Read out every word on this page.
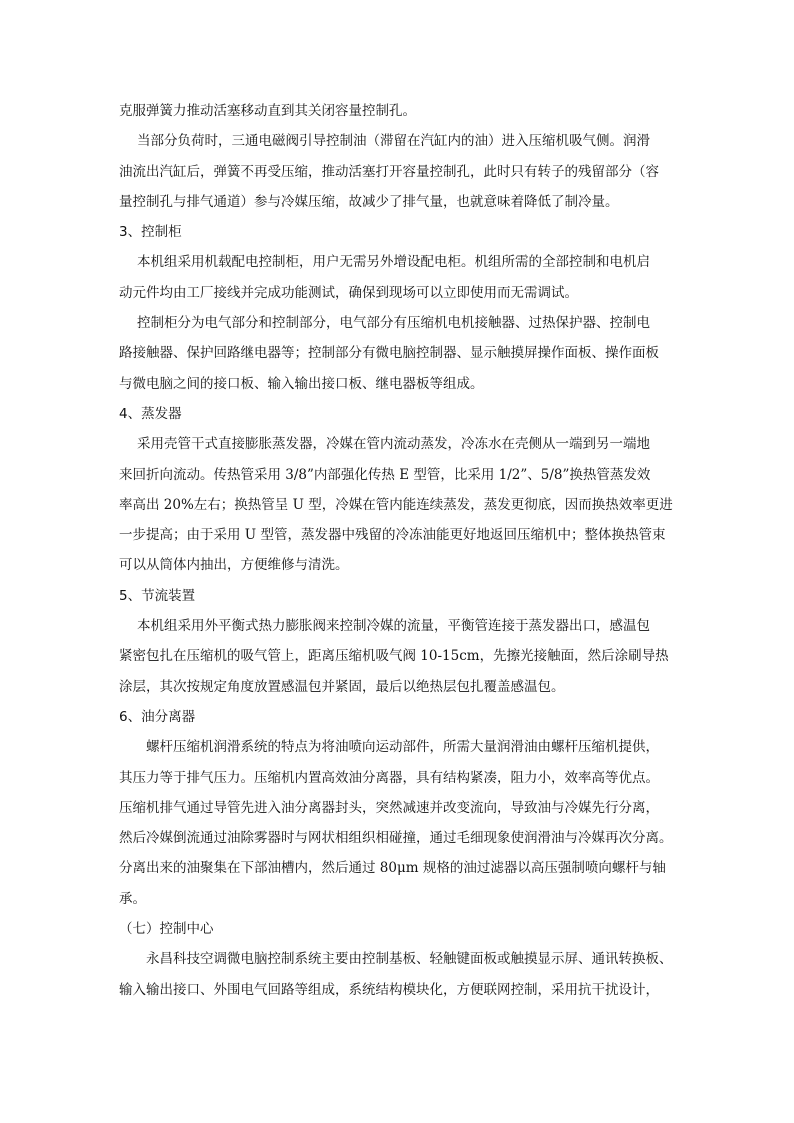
克服弹簧力推动活塞移动直到其关闭容量控制孔。
当部分负荷时，三通电磁阀引导控制油（滞留在汽缸内的油）进入压缩机吸气侧。润滑
油流出汽缸后，弹簧不再受压缩，推动活塞打开容量控制孔，此时只有转子的残留部分（容
量控制孔与排气通道）参与冷媒压缩，故减少了排气量，也就意味着降低了制冷量。
3、控制柜
本机组采用机载配电控制柜，用户无需另外增设配电柜。机组所需的全部控制和电机启
动元件均由工厂接线并完成功能测试，确保到现场可以立即使用而无需调试。
控制柜分为电气部分和控制部分，电气部分有压缩机电机接触器、过热保护器、控制电
路接触器、保护回路继电器等；控制部分有微电脑控制器、显示触摸屏操作面板、操作面板
与微电脑之间的接口板、输入输出接口板、继电器板等组成。
4、蒸发器
采用壳管干式直接膨胀蒸发器，冷媒在管内流动蒸发，冷冻水在壳侧从一端到另一端地
来回折向流动。传热管采用 3/8”内部强化传热 E 型管，比采用 1/2”、5/8”换热管蒸发效
率高出 20%左右；换热管呈 U 型，冷媒在管内能连续蒸发，蒸发更彻底，因而换热效率更进
一步提高；由于采用 U 型管，蒸发器中残留的冷冻油能更好地返回压缩机中；整体换热管束
可以从筒体内抽出，方便维修与清洗。
5、节流装置
本机组采用外平衡式热力膨胀阀来控制冷媒的流量，平衡管连接于蒸发器出口，感温包
紧密包扎在压缩机的吸气管上，距离压缩机吸气阀 10-15cm，先擦光接触面，然后涂刷导热
涂层，其次按规定角度放置感温包并紧固，最后以绝热层包扎覆盖感温包。
6、油分离器
螺杆压缩机润滑系统的特点为将油喷向运动部件，所需大量润滑油由螺杆压缩机提供，
其压力等于排气压力。压缩机内置高效油分离器，具有结构紧凑，阻力小，效率高等优点。
压缩机排气通过导管先进入油分离器封头，突然减速并改变流向，导致油与冷媒先行分离，
然后冷媒倒流通过油除雾器时与网状相组织相碰撞，通过毛细现象使润滑油与冷媒再次分离。
分离出来的油聚集在下部油槽内，然后通过 80μm 规格的油过滤器以高压强制喷向螺杆与轴
承。
（七）控制中心
永昌科技空调微电脑控制系统主要由控制基板、轻触键面板或触摸显示屏、通讯转换板、
输入输出接口、外围电气回路等组成，系统结构模块化，方便联网控制，采用抗干扰设计，
